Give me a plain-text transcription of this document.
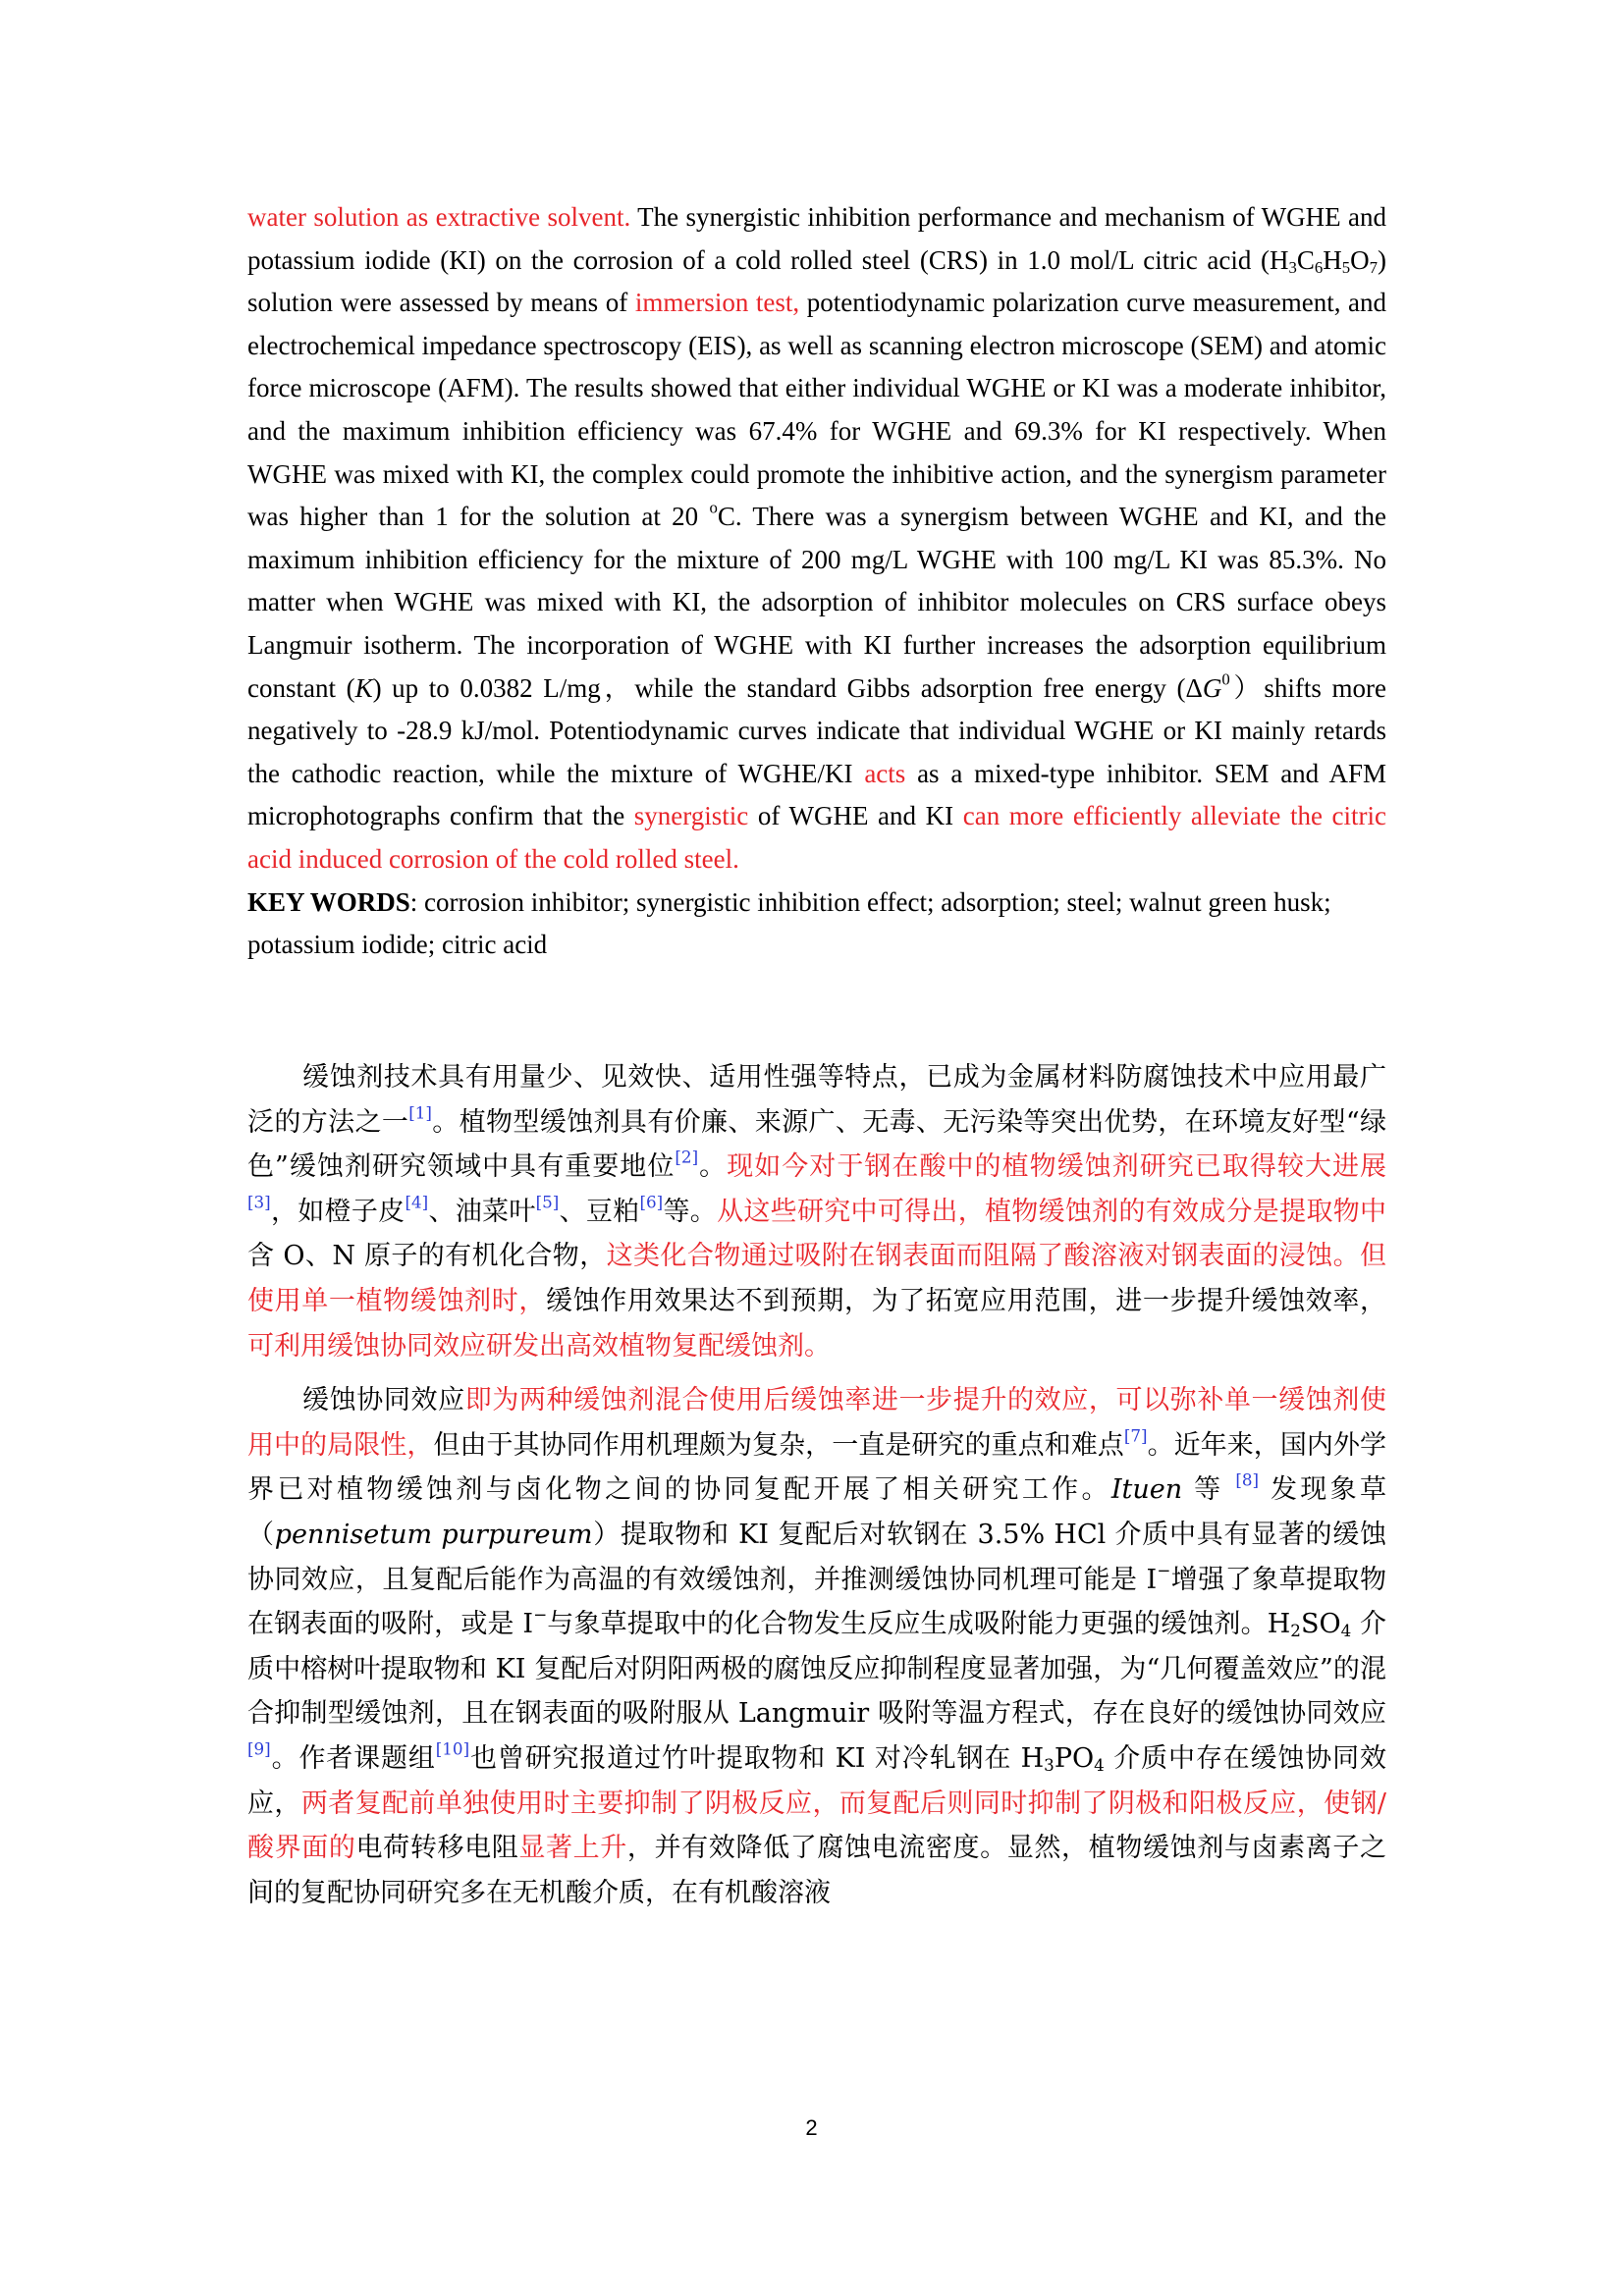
water solution as extractive solvent. The synergistic inhibition performance and mechanism of WGHE and potassium iodide (KI) on the corrosion of a cold rolled steel (CRS) in 1.0 mol/L citric acid $(H_3C_6H_5O_7)$ solution were assessed by means of immersion test, potentiodynamic polarization curve measurement, and electrochemical impedance spectroscopy (EIS), as well as scanning electron microscope (SEM) and atomic force microscope (AFM). The results showed that either individual WGHE or KI was a moderate inhibitor, and the maximum inhibition efficiency was 67.4% for WGHE and 69.3% for KI respectively. When WGHE was mixed with KI, the complex could promote the inhibitive action, and the synergism parameter was higher than 1 for the solution at 20 $^o$C. There was a synergism between WGHE and KI, and the maximum inhibition efficiency for the mixture of 200 mg/L WGHE with 100 mg/L KI was 85.3%. No matter when WGHE was mixed with KI, the adsorption of inhibitor molecules on CRS surface obeys Langmuir isotherm. The incorporation of WGHE with KI further increases the adsorption equilibrium constant (K) up to 0.0382 L/mg，while the standard Gibbs adsorption free energy $(\Delta G^0)shifts$ more negatively to -28.9 kJ/mol. Potentiodynamic curves indicate that individual WGHE or KI mainly retards the cathodic reaction, while the mixture of WGHE/KI acts as a mixed-type inhibitor. SEM and AFM microphotographs confirm that the synergistic of WGHE and KI can more efficiently alleviate the citric acid induced corrosion of the cold rolled steel.

KEY WORDS: corrosion inhibitor; synergistic inhibition effect; adsorption; steel; walnut green husk; potassium iodide; citric acid

缓蚀剂技术具有用量少、见效快、适用性强等特点，已成为金属材料防腐蚀技术中应用最广泛的方法之一[1]。植物型缓蚀剂具有价廉、来源广、无毒、无污染等突出优势，在环境友好型“绿色”缓蚀剂研究领域中具有重要地位[2]。现如今对于钢在酸中的植物缓蚀剂研究已取得较大进展[3]，如橙子皮[4]、油菜叶[5]、豆粕[6]等。从这些研究中可得出，植物缓蚀剂的有效成分是提取物中含 O、N 原子的有机化合物，这类化合物通过吸附在钢表面而阻隔了酸溶液对钢表面的浸蚀。但使用单一植物缓蚀剂时，缓蚀作用效果达不到预期，为了拓宽应用范围，进一步提升缓蚀效率，可利用缓蚀协同效应研发出高效植物复配缓蚀剂。

缓蚀协同效应即为两种缓蚀剂混合使用后缓蚀率进一步提升的效应，可以弥补单一缓蚀剂使用中的局限性，但由于其协同作用机理颇为复杂，一直是研究的重点和难点[7]。近年来，国内外学界已对植物缓蚀剂与卤化物之间的协同复配开展了相关研究工作。Ituen 等 [8] 发现象草（pennisetum purpureum）提取物和 KI 复配后对软钢在 3.5% HCl 介质中具有显著的缓蚀协同效应，且复配后能作为高温的有效缓蚀剂，并推测缓蚀协同机理可能是 I−增强了象草提取物在钢表面的吸附，或是 I−与象草提取中的化合物发生反应生成吸附能力更强的缓蚀剂。$H_2SO_4$ 介质中榕树叶提取物和 KI 复配后对阴阳两极的腐蚀反应抑制程度显著加强，为“几何覆盖效应”的混合抑制型缓蚀剂，且在钢表面的吸附服从 Langmuir 吸附等温方程式，存在良好的缓蚀协同效应[9]。作者课题组[10]也曾研究报道过竹叶提取物和 KI 对冷轧钢在 $H_3PO_4$ 介质中存在缓蚀协同效应，两者复配前单独使用时主要抑制了阴极反应，而复配后则同时抑制了阴极和阳极反应，使钢/酸界面的电荷转移电阻显著上升，并有效降低了腐蚀电流密度。显然，植物缓蚀剂与卤素离子之间的复配协同研究多在无机酸介质，在有机酸溶液

2
